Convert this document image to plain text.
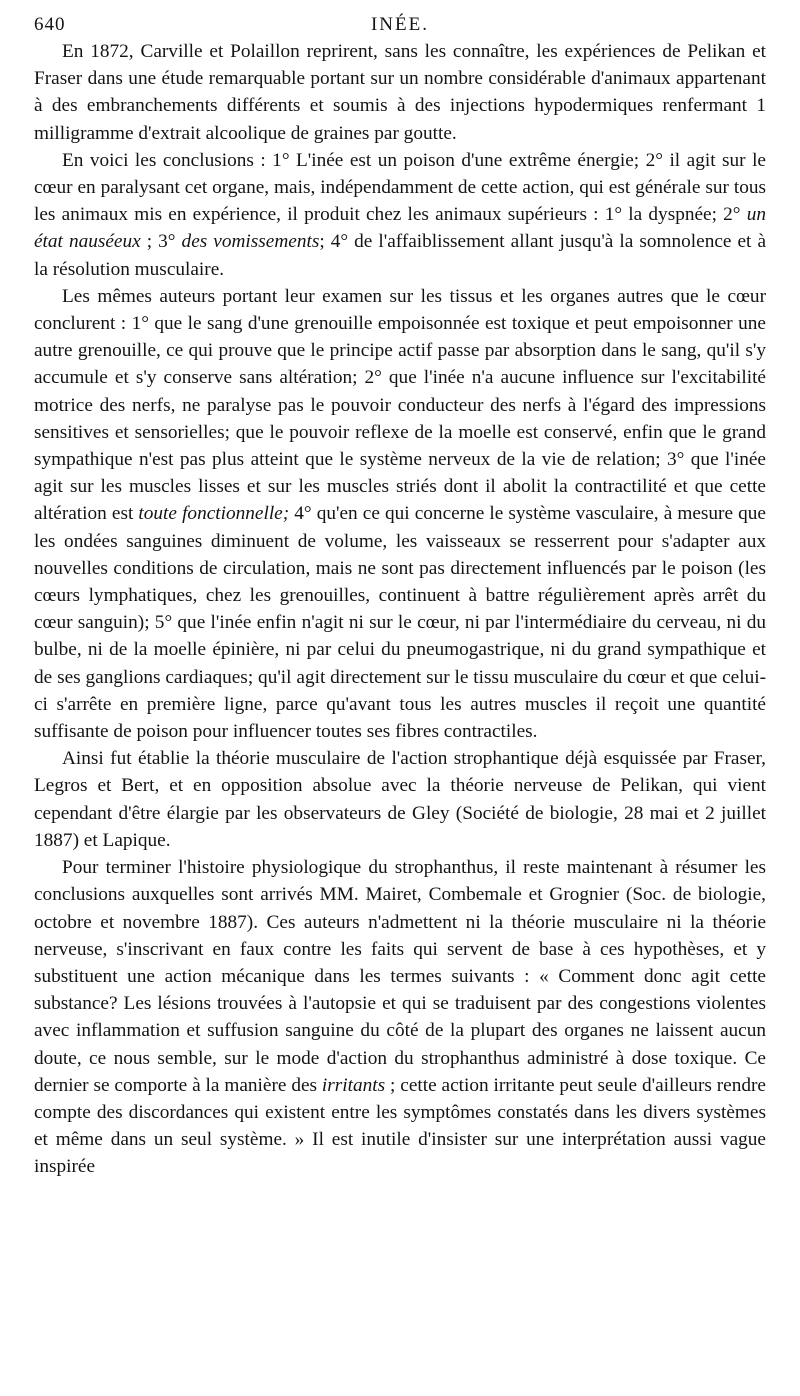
640	INÉE.

En 1872, Carville et Polaillon reprirent, sans les connaître, les expériences de Pelikan et Fraser dans une étude remarquable portant sur un nombre considérable d'animaux appartenant à des embranchements différents et soumis à des injections hypodermiques renfermant 1 milligramme d'extrait alcoolique de graines par goutte.

En voici les conclusions : 1° L'inée est un poison d'une extrême énergie; 2° il agit sur le cœur en paralysant cet organe, mais, indépendamment de cette action, qui est générale sur tous les animaux mis en expérience, il produit chez les animaux supérieurs : 1° la dyspnée; 2° un état nauséeux ; 3° des vomissements; 4° de l'affaiblissement allant jusqu'à la somnolence et à la résolution musculaire.

Les mêmes auteurs portant leur examen sur les tissus et les organes autres que le cœur conclurent : 1° que le sang d'une grenouille empoisonnée est toxique et peut empoisonner une autre grenouille, ce qui prouve que le principe actif passe par absorption dans le sang, qu'il s'y accumule et s'y conserve sans altération; 2° que l'inée n'a aucune influence sur l'excitabilité motrice des nerfs, ne paralyse pas le pouvoir conducteur des nerfs à l'égard des impressions sensitives et sensorielles; que le pouvoir reflexe de la moelle est conservé, enfin que le grand sympathique n'est pas plus atteint que le système nerveux de la vie de relation; 3° que l'inée agit sur les muscles lisses et sur les muscles striés dont il abolit la contractilité et que cette altération est toute fonctionnelle; 4° qu'en ce qui concerne le système vasculaire, à mesure que les ondées sanguines diminuent de volume, les vaisseaux se resserrent pour s'adapter aux nouvelles conditions de circulation, mais ne sont pas directement influencés par le poison (les cœurs lymphatiques, chez les grenouilles, continuent à battre régulièrement après arrêt du cœur sanguin); 5° que l'inée enfin n'agit ni sur le cœur, ni par l'intermédiaire du cerveau, ni du bulbe, ni de la moelle épinière, ni par celui du pneumogastrique, ni du grand sympathique et de ses ganglions cardiaques; qu'il agit directement sur le tissu musculaire du cœur et que celui-ci s'arrête en première ligne, parce qu'avant tous les autres muscles il reçoit une quantité suffisante de poison pour influencer toutes ses fibres contractiles.

Ainsi fut établie la théorie musculaire de l'action strophantique déjà esquissée par Fraser, Legros et Bert, et en opposition absolue avec la théorie nerveuse de Pelikan, qui vient cependant d'être élargie par les observateurs de Gley (Société de biologie, 28 mai et 2 juillet 1887) et Lapique.

Pour terminer l'histoire physiologique du strophanthus, il reste maintenant à résumer les conclusions auxquelles sont arrivés MM. Mairet, Combemale et Grognier (Soc. de biologie, octobre et novembre 1887). Ces auteurs n'admettent ni la théorie musculaire ni la théorie nerveuse, s'inscrivant en faux contre les faits qui servent de base à ces hypothèses, et y substituent une action mécanique dans les termes suivants : « Comment donc agit cette substance? Les lésions trouvées à l'autopsie et qui se traduisent par des congestions violentes avec inflammation et suffusion sanguine du côté de la plupart des organes ne laissent aucun doute, ce nous semble, sur le mode d'action du strophanthus administré à dose toxique. Ce dernier se comporte à la manière des irritants ; cette action irritante peut seule d'ailleurs rendre compte des discordances qui existent entre les symptômes constatés dans les divers systèmes et même dans un seul système. » Il est inutile d'insister sur une interprétation aussi vague inspirée
